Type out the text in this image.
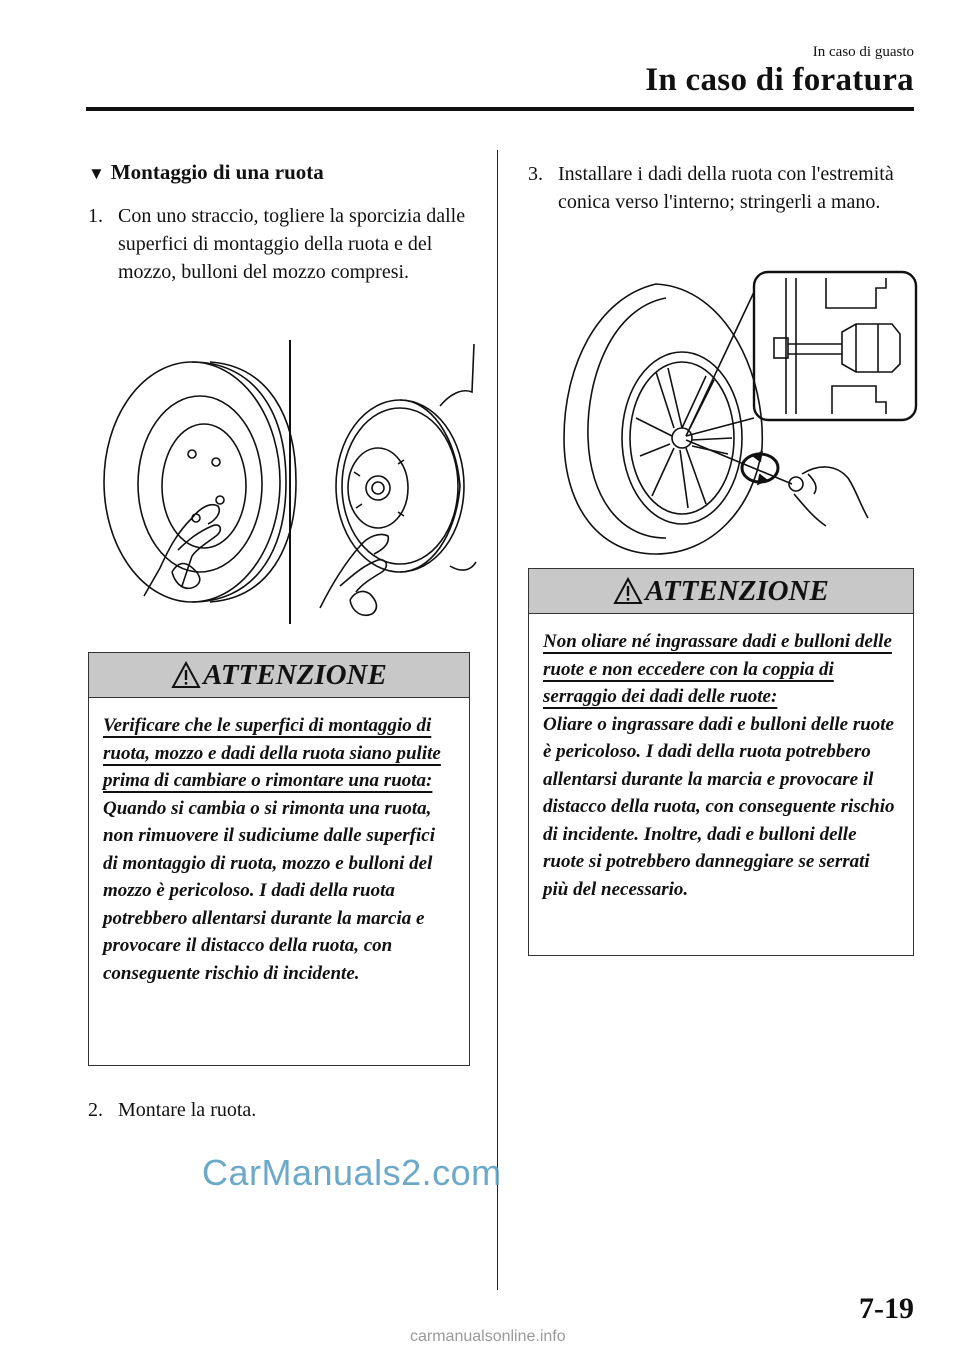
In caso di guasto
In caso di foratura
▼ Montaggio di una ruota
1. Con uno straccio, togliere la sporcizia dalle superfici di montaggio della ruota e del mozzo, bulloni del mozzo compresi.
ATTENZIONE
Verificare che le superfici di montaggio di ruota, mozzo e dadi della ruota siano pulite prima di cambiare o rimontare una ruota:
Quando si cambia o si rimonta una ruota, non rimuovere il sudiciume dalle superfici di montaggio di ruota, mozzo e bulloni del mozzo è pericoloso. I dadi della ruota potrebbero allentarsi durante la marcia e provocare il distacco della ruota, con conseguente rischio di incidente.
2. Montare la ruota.
3. Installare i dadi della ruota con l'estremità conica verso l'interno; stringerli a mano.
ATTENZIONE
Non oliare né ingrassare dadi e bulloni delle ruote e non eccedere con la coppia di serraggio dei dadi delle ruote:
Oliare o ingrassare dadi e bulloni delle ruote è pericoloso. I dadi della ruota potrebbero allentarsi durante la marcia e provocare il distacco della ruota, con conseguente rischio di incidente. Inoltre, dadi e bulloni delle ruote si potrebbero danneggiare se serrati più del necessario.
CarManuals2.com
7-19
carmanualsonline.info
